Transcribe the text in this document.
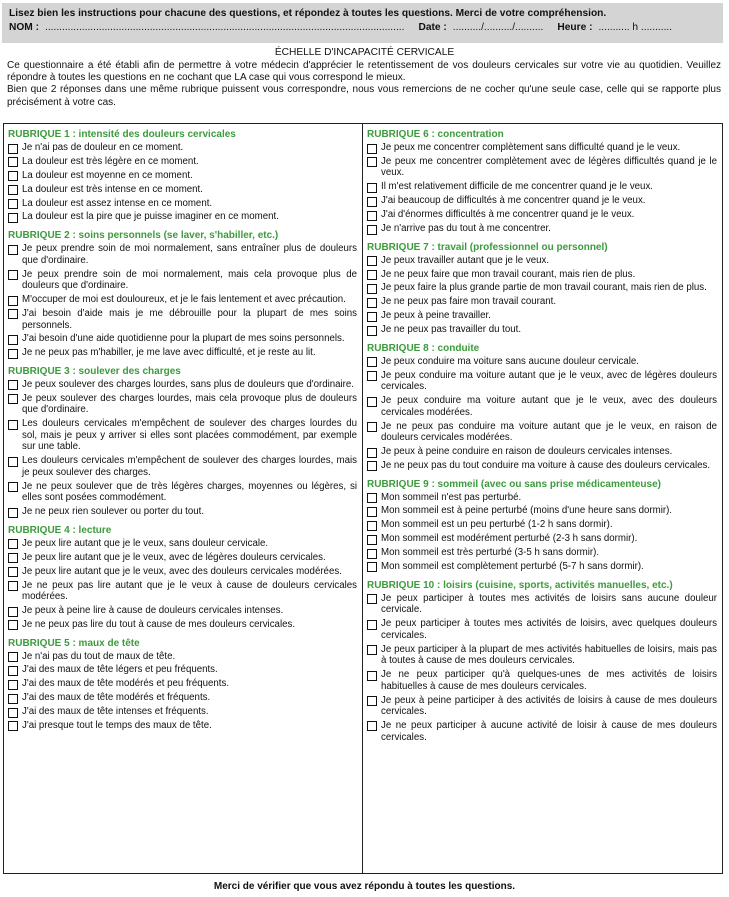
Lisez bien les instructions pour chacune des questions, et répondez à toutes les questions. Merci de votre compréhension.
NOM : ............................................................................................................................... Date : ........../........../.......... Heure : ........... h ...........
ÉCHELLE D'INCAPACITÉ CERVICALE

Ce questionnaire a été établi afin de permettre à votre médecin d'apprécier le retentissement de vos douleurs cervicales sur votre vie au quotidien. Veuillez répondre à toutes les questions en ne cochant que LA case qui vous correspond le mieux.

Bien que 2 réponses dans une même rubrique puissent vous correspondre, nous vous remercions de ne cocher qu'une seule case, celle qui se rapporte plus précisément à votre cas.

RUBRIQUE 1 : intensité des douleurs cervicales
Je n'ai pas de douleur en ce moment.
La douleur est très légère en ce moment.
La douleur est moyenne en ce moment.
La douleur est très intense en ce moment.
La douleur est assez intense en ce moment.
La douleur est la pire que je puisse imaginer en ce moment.
RUBRIQUE 2 : soins personnels (se laver, s'habiller, etc.)
Je peux prendre soin de moi normalement, sans entraîner plus de douleurs que d'ordinaire.
Je peux prendre soin de moi normalement, mais cela provoque plus de douleurs que d'ordinaire.
M'occuper de moi est douloureux, et je le fais lentement et avec précaution.
J'ai besoin d'aide mais je me débrouille pour la plupart de mes soins personnels.
J'ai besoin d'une aide quotidienne pour la plupart de mes soins personnels.
Je ne peux pas m'habiller, je me lave avec difficulté, et je reste au lit.
RUBRIQUE 3 : soulever des charges
Je peux soulever des charges lourdes, sans plus de douleurs que d'ordinaire.
Je peux soulever des charges lourdes, mais cela provoque plus de douleurs que d'ordinaire.
Les douleurs cervicales m'empêchent de soulever des charges lourdes du sol, mais je peux y arriver si elles sont placées commodément, par exemple sur une table.
Les douleurs cervicales m'empêchent de soulever des charges lourdes, mais je peux soulever des charges.
Je ne peux soulever que de très légères charges, moyennes ou légères, si elles sont posées commodément.
Je ne peux rien soulever ou porter du tout.
RUBRIQUE 4 : lecture
Je peux lire autant que je le veux, sans douleur cervicale.
Je peux lire autant que je le veux, avec de légères douleurs cervicales.
Je peux lire autant que je le veux, avec des douleurs cervicales modérées.
Je ne peux pas lire autant que je le veux à cause de douleurs cervicales modérées.
Je peux à peine lire à cause de douleurs cervicales intenses.
Je ne peux pas lire du tout à cause de mes douleurs cervicales.
RUBRIQUE 5 : maux de tête
Je n'ai pas du tout de maux de tête.
J'ai des maux de tête légers et peu fréquents.
J'ai des maux de tête modérés et peu fréquents.
J'ai des maux de tête modérés et fréquents.
J'ai des maux de tête intenses et fréquents.
J'ai presque tout le temps des maux de tête.
RUBRIQUE 6 : concentration
Je peux me concentrer complètement sans difficulté quand je le veux.
Je peux me concentrer complètement avec de légères difficultés quand je le veux.
Il m'est relativement difficile de me concentrer quand je le veux.
J'ai beaucoup de difficultés à me concentrer quand je le veux.
J'ai d'énormes difficultés à me concentrer quand je le veux.
Je n'arrive pas du tout à me concentrer.
RUBRIQUE 7 : travail (professionnel ou personnel)
Je peux travailler autant que je le veux.
Je ne peux faire que mon travail courant, mais rien de plus.
Je peux faire la plus grande partie de mon travail courant, mais rien de plus.
Je ne peux pas faire mon travail courant.
Je peux à peine travailler.
Je ne peux pas travailler du tout.
RUBRIQUE 8 : conduite
Je peux conduire ma voiture sans aucune douleur cervicale.
Je peux conduire ma voiture autant que je le veux, avec de légères douleurs cervicales.
Je peux conduire ma voiture autant que je le veux, avec des douleurs cervicales modérées.
Je ne peux pas conduire ma voiture autant que je le veux, en raison de douleurs cervicales modérées.
Je peux à peine conduire en raison de douleurs cervicales intenses.
Je ne peux pas du tout conduire ma voiture à cause des douleurs cervicales.
RUBRIQUE 9 : sommeil (avec ou sans prise médicamenteuse)
Mon sommeil n'est pas perturbé.
Mon sommeil est à peine perturbé (moins d'une heure sans dormir).
Mon sommeil est un peu perturbé (1-2 h sans dormir).
Mon sommeil est modérément perturbé (2-3 h sans dormir).
Mon sommeil est très perturbé (3-5 h sans dormir).
Mon sommeil est complètement perturbé (5-7 h sans dormir).
RUBRIQUE 10 : loisirs (cuisine, sports, activités manuelles, etc.)
Je peux participer à toutes mes activités de loisirs sans aucune douleur cervicale.
Je peux participer à toutes mes activités de loisirs, avec quelques douleurs cervicales.
Je peux participer à la plupart de mes activités habituelles de loisirs, mais pas à toutes à cause de mes douleurs cervicales.
Je ne peux participer qu'à quelques-unes de mes activités de loisirs habituelles à cause de mes douleurs cervicales.
Je peux à peine participer à des activités de loisirs à cause de mes douleurs cervicales.
Je ne peux participer à aucune activité de loisir à cause de mes douleurs cervicales.
Merci de vérifier que vous avez répondu à toutes les questions.
